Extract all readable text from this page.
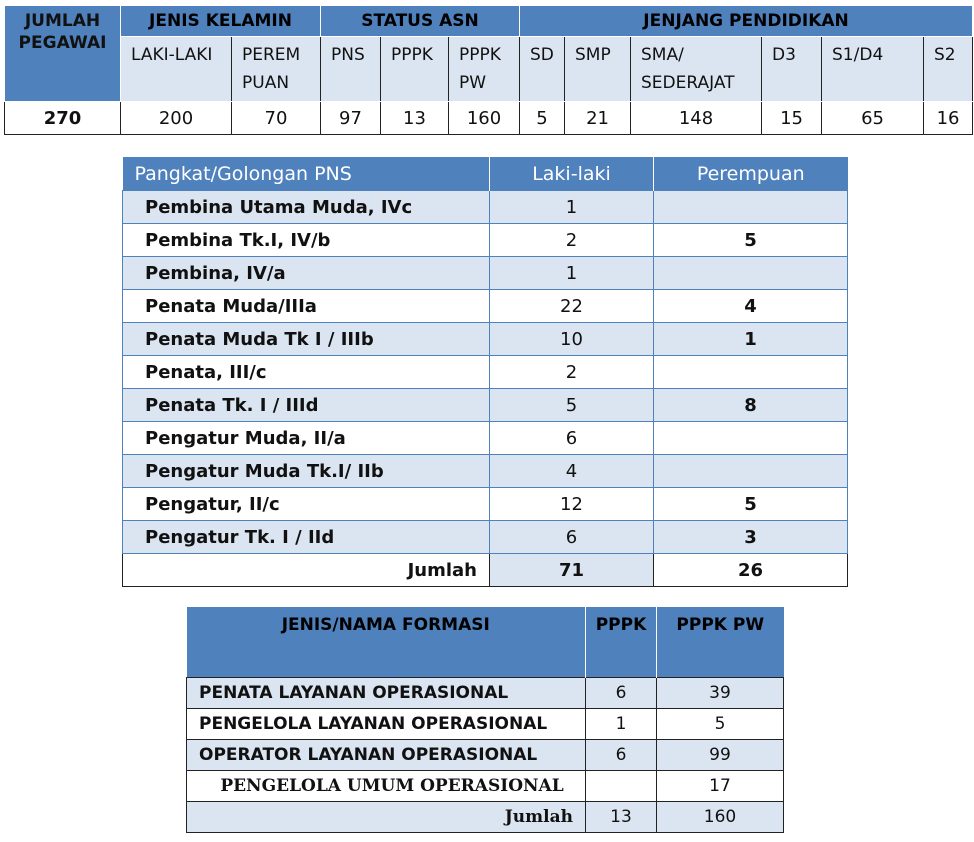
JUMLAH PEGAWAI	JENIS KELAMIN		STATUS ASN			JENJANG PENDIDIKAN					
	LAKI-LAKI	PEREM PUAN	PNS	PPPK	PPPK PW	SD	SMP	SMA/ SEDERAJAT	D3	S1/D4	S2
270	200	70	97	13	160	5	21	148	15	65	16
Pangkat/Golongan PNS	Laki-laki	Perempuan
Pembina Utama Muda, IVc	1	
Pembina Tk.I, IV/b	2	5
Pembina, IV/a	1	
Penata Muda/IIIa	22	4
Penata Muda Tk I / IIIb	10	1
Penata, III/c	2	
Penata Tk. I / IIId	5	8
Pengatur Muda, II/a	6	
Pengatur Muda Tk.I/ IIb	4	
Pengatur, II/c	12	5
Pengatur Tk. I / IId	6	3
Jumlah	71	26
JENIS/NAMA FORMASI	PPPK	PPPK PW
PENATA LAYANAN OPERASIONAL	6	39
PENGELOLA LAYANAN OPERASIONAL	1	5
OPERATOR LAYANAN OPERASIONAL	6	99
PENGELOLA UMUM OPERASIONAL		17
Jumlah	13	160
